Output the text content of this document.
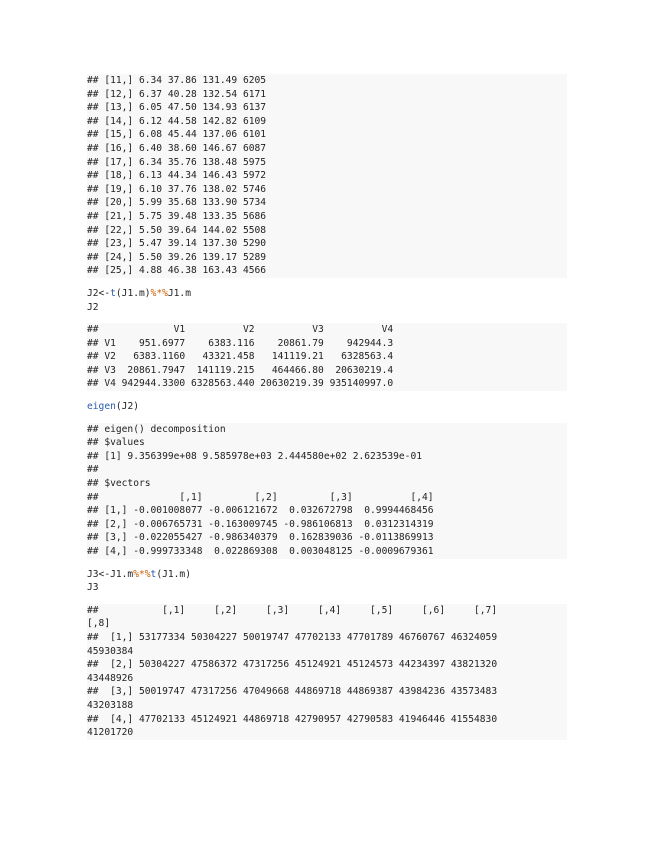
## [11,] 6.34 37.86 131.49 6205
## [12,] 6.37 40.28 132.54 6171
## [13,] 6.05 47.50 134.93 6137
## [14,] 6.12 44.58 142.82 6109
## [15,] 6.08 45.44 137.06 6101
## [16,] 6.40 38.60 146.67 6087
## [17,] 6.34 35.76 138.48 5975
## [18,] 6.13 44.34 146.43 5972
## [19,] 6.10 37.76 138.02 5746
## [20,] 5.99 35.68 133.90 5734
## [21,] 5.75 39.48 133.35 5686
## [22,] 5.50 39.64 144.02 5508
## [23,] 5.47 39.14 137.30 5290
## [24,] 5.50 39.26 139.17 5289
## [25,] 4.88 46.38 163.43 4566
J2<-t(J1.m)%*%J1.m
J2
##             V1          V2          V3          V4
## V1    951.6977    6383.116    20861.79    942944.3
## V2   6383.1160   43321.458   141119.21   6328563.4
## V3  20861.7947  141119.215   464466.80  20630219.4
## V4 942944.3300 6328563.440 20630219.39 935140997.0
eigen(J2)
## eigen() decomposition
## $values
## [1] 9.356399e+08 9.585978e+03 2.444580e+02 2.623539e-01
##
## $vectors
##              [,1]         [,2]         [,3]          [,4]
## [1,] -0.001008077 -0.006121672  0.032672798  0.9994468456
## [2,] -0.006765731 -0.163009745 -0.986106813  0.0312314319
## [3,] -0.022055427 -0.986340379  0.162839036 -0.0113869913
## [4,] -0.999733348  0.022869308  0.003048125 -0.0009679361
J3<-J1.m%*%t(J1.m)
J3
##           [,1]     [,2]     [,3]     [,4]     [,5]     [,6]     [,7]
[,8]
##  [1,] 53177334 50304227 50019747 47702133 47701789 46760767 46324059
45930384
##  [2,] 50304227 47586372 47317256 45124921 45124573 44234397 43821320
43448926
##  [3,] 50019747 47317256 47049668 44869718 44869387 43984236 43573483
43203188
##  [4,] 47702133 45124921 44869718 42790957 42790583 41946446 41554830
41201720
